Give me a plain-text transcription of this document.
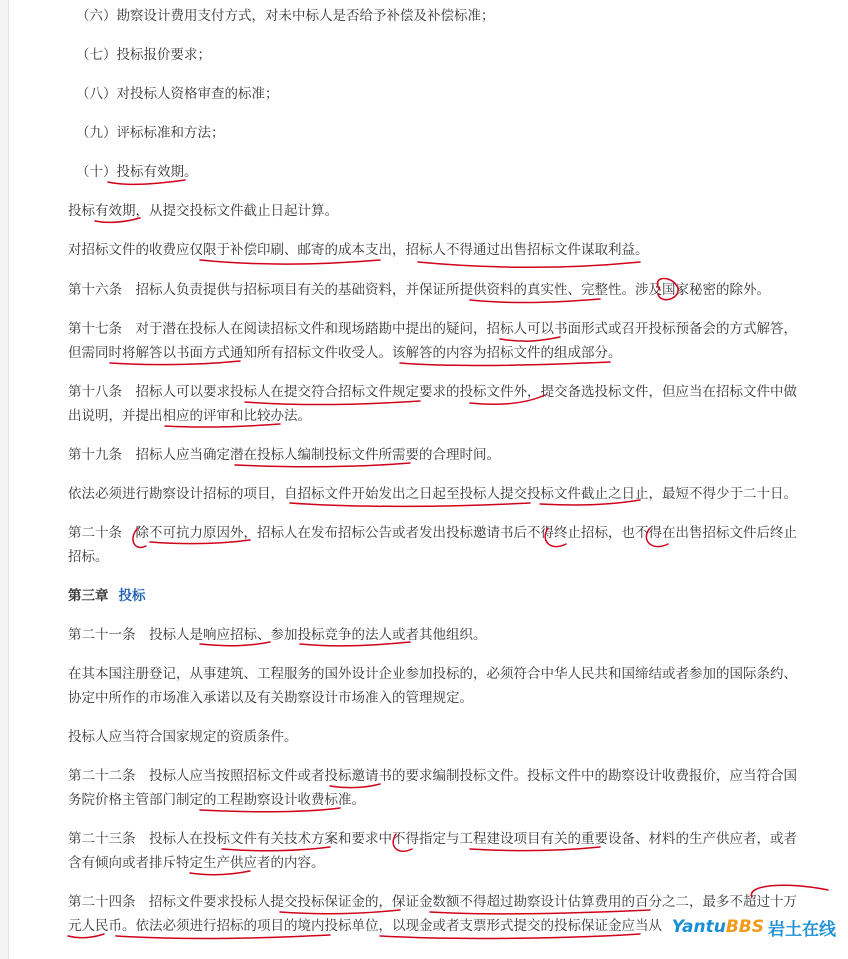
（六）勘察设计费用支付方式，对未中标人是否给予补偿及补偿标准；
（七）投标报价要求；
（八）对投标人资格审查的标准；
（九）评标标准和方法；
（十）投标有效期。
投标有效期，从提交投标文件截止日起计算。
对招标文件的收费应仅限于补偿印刷、邮寄的成本支出，招标人不得通过出售招标文件谋取利益。
第十六条　招标人负责提供与招标项目有关的基础资料，并保证所提供资料的真实性、完整性。涉及国家秘密的除外。
第十七条　对于潜在投标人在阅读招标文件和现场踏勘中提出的疑问，招标人可以书面形式或召开投标预备会的方式解答，
但需同时将解答以书面方式通知所有招标文件收受人。该解答的内容为招标文件的组成部分。
第十八条　招标人可以要求投标人在提交符合招标文件规定要求的投标文件外，提交备选投标文件，但应当在招标文件中做
出说明，并提出相应的评审和比较办法。
第十九条　招标人应当确定潜在投标人编制投标文件所需要的合理时间。
依法必须进行勘察设计招标的项目，自招标文件开始发出之日起至投标人提交投标文件截止之日止，最短不得少于二十日。
第二十条　除不可抗力原因外，招标人在发布招标公告或者发出投标邀请书后不得终止招标，也不得在出售招标文件后终止
招标。
第三章 投标
第二十一条　投标人是响应招标、参加投标竞争的法人或者其他组织。
在其本国注册登记，从事建筑、工程服务的国外设计企业参加投标的，必须符合中华人民共和国缔结或者参加的国际条约、
协定中所作的市场准入承诺以及有关勘察设计市场准入的管理规定。
投标人应当符合国家规定的资质条件。
第二十二条　投标人应当按照招标文件或者投标邀请书的要求编制投标文件。投标文件中的勘察设计收费报价，应当符合国
务院价格主管部门制定的工程勘察设计收费标准。
第二十三条　投标人在投标文件有关技术方案和要求中不得指定与工程建设项目有关的重要设备、材料的生产供应者，或者
含有倾向或者排斥特定生产供应者的内容。
第二十四条　招标文件要求投标人提交投标保证金的，保证金数额不得超过勘察设计估算费用的百分之二，最多不超过十万
元人民币。依法必须进行招标的项目的境内投标单位，以现金或者支票形式提交的投标保证金应当从 Yantu BBS 岩土在线
